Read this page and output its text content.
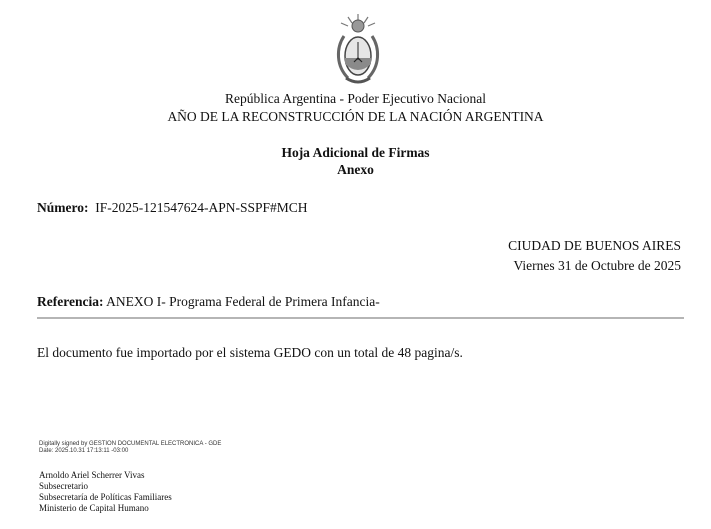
República Argentina - Poder Ejecutivo Nacional
AÑO DE LA RECONSTRUCCIÓN DE LA NACIÓN ARGENTINA
Hoja Adicional de Firmas
Anexo
Número: IF-2025-121547624-APN-SSPF#MCH
CIUDAD DE BUENOS AIRES
Viernes 31 de Octubre de 2025
Referencia: ANEXO I- Programa Federal de Primera Infancia-
El documento fue importado por el sistema GEDO con un total de 48 pagina/s.
Digitally signed by GESTION DOCUMENTAL ELECTRONICA - GDE
Date: 2025.10.31 17:13:11 -03:00
Arnoldo Ariel Scherrer Vivas
Subsecretario
Subsecretaría de Políticas Familiares
Ministerio de Capital Humano
